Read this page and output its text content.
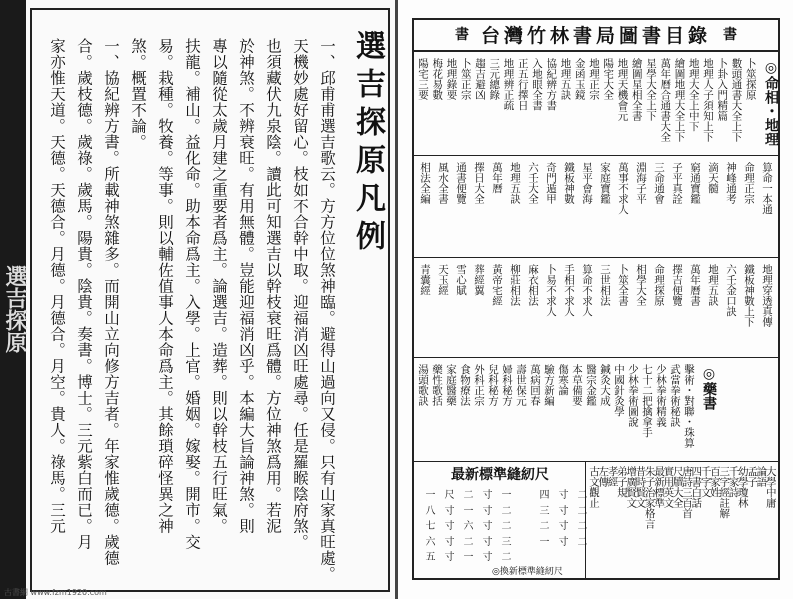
選吉探原
選吉探原凡例
一、邱甫甫選吉歌云。方方位位煞神臨。避得山過向又侵。只有山家真旺處。
天機妙處好留心。枝如不合幹中取。迎福消凶旺處尋。任是羅睺陰府煞。
也須藏伏九泉陰。讀此可知選吉以幹枝衰旺爲體。方位神煞爲用。若泥
於神煞。不辨衰旺。有用無體。豈能迎福消凶乎。本編大旨論神煞。則
專以隨從太歲月建之重要者爲主。論選吉。造葬。則以幹枝五行旺氣。
扶龍。補山。益化命。助本命爲主。入學。上官。婚姻。嫁娶。開市。交
易。栽種。牧養。等事。則以輔佐值事人本命爲主。其餘瑣碎怪異之神
煞。概置不論。
一、協紀辨方書。所載神煞雜多。而開山立向修方吉者。年家惟歲德。歲德
合。歲枝德。歲祿。歲馬。陽貴。陰貴。奏書。博士。三元紫白而已。月
家亦惟天道。天德。天德合。月德。月德合。月空。貴人。祿馬。三元
古書網 www.fzm1920.com
書 台灣竹林書局圖書目錄 書
◎命相・地理
卜筮探原
數頭通書大全上下
卜卦入門精篇
地理人子須知上下
地理大全上中下
繪圖地理大全上下
萬年曆合通書大全
星學大全上下
繪圖星相全書
地理天機會元
陽宅大全
地理正宗
金函玉鏡
地理五訣
協紀辨方書
入地眼全書
正五行擇日
地理辨正疏
三元總錄
趨吉避凶
卜筮正宗
地理錄要
梅花易數
陽宅三要
算命一本通
命理正宗
神峰通考
滴天髓
窮通寶鑑
子平真詮
三命通會
淵海子平
萬事不求人
家庭寶鑑
星平會海
鐵板神數
奇門遁甲
六壬大全
地理五訣
萬年曆
擇日大全
通書便覽
風水全書
相法全編
地理穿透真傳
鐵板神數上下
六壬金口訣
地理五訣
萬年曆書
擇吉便覽
命理探原
相學大全
卜筮全書
三世相法
算命不求人
手相不求人
卜易不求人
麻衣相法
柳莊相法
黃帝宅經
葬經翼
雪心賦
天玉經
青囊經
◎藥書
擊術・對聯・珠算
武當拳術秘訣
少林拳術精義
七十二把擒拿手
少林拳術圖說
中國針灸學
鍼灸大成
醫宗金鑑
本草備要
傷寒論
驗方新編
萬病回春
壽世保元
婦科秘方
兒科秘方
外科正宗
食物療法
家庭醫藥
藥性歌括
湯頭歌訣
大學中庸
論語
孟子
幼學瓊林
千家詩
三字經註解
百家姓
千字文
四書白話
唐詩三百首
尺牘大全
實用英文
最新標準
朱子治家格言
昔時賢文
增廣賢文
弟子規
孝經
左傳
古文觀止
最新標準縫紉尺
一 尺 二 寸 一	四 寸 二
八 寸 一 寸 二	三 寸 二
七 寸 六 寸 二	二 寸 二
六 寸 二 寸 三	一 寸 二
五 寸 一 寸 二
◎換新標準縫紉尺
